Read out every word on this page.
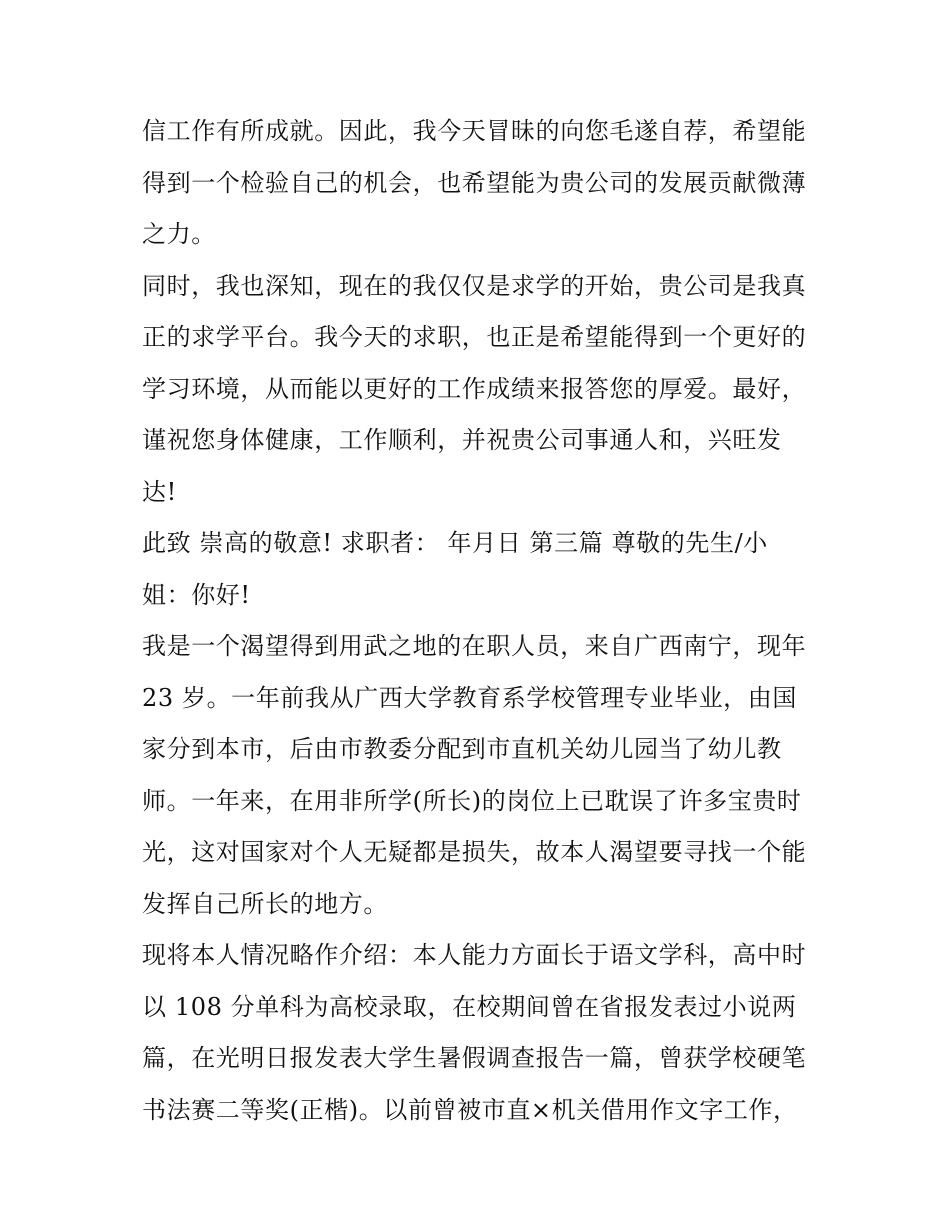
信工作有所成就。因此，我今天冒昧的向您毛遂自荐，希望能
得到一个检验自己的机会，也希望能为贵公司的发展贡献微薄
之力。
同时，我也深知，现在的我仅仅是求学的开始，贵公司是我真
正的求学平台。我今天的求职，也正是希望能得到一个更好的
学习环境，从而能以更好的工作成绩来报答您的厚爱。最好，
谨祝您身体健康，工作顺利，并祝贵公司事通人和，兴旺发
达!
此致 崇高的敬意! 求职者： 年月日 第三篇 尊敬的先生/小
姐：你好!
我是一个渴望得到用武之地的在职人员，来自广西南宁，现年
23 岁。一年前我从广西大学教育系学校管理专业毕业，由国
家分到本市，后由市教委分配到市直机关幼儿园当了幼儿教
师。一年来，在用非所学(所长)的岗位上已耽误了许多宝贵时
光，这对国家对个人无疑都是损失，故本人渴望要寻找一个能
发挥自己所长的地方。
现将本人情况略作介绍：本人能力方面长于语文学科，高中时
以 108 分单科为高校录取，在校期间曾在省报发表过小说两
篇，在光明日报发表大学生暑假调查报告一篇，曾获学校硬笔
书法赛二等奖(正楷)。以前曾被市直×机关借用作文字工作，
